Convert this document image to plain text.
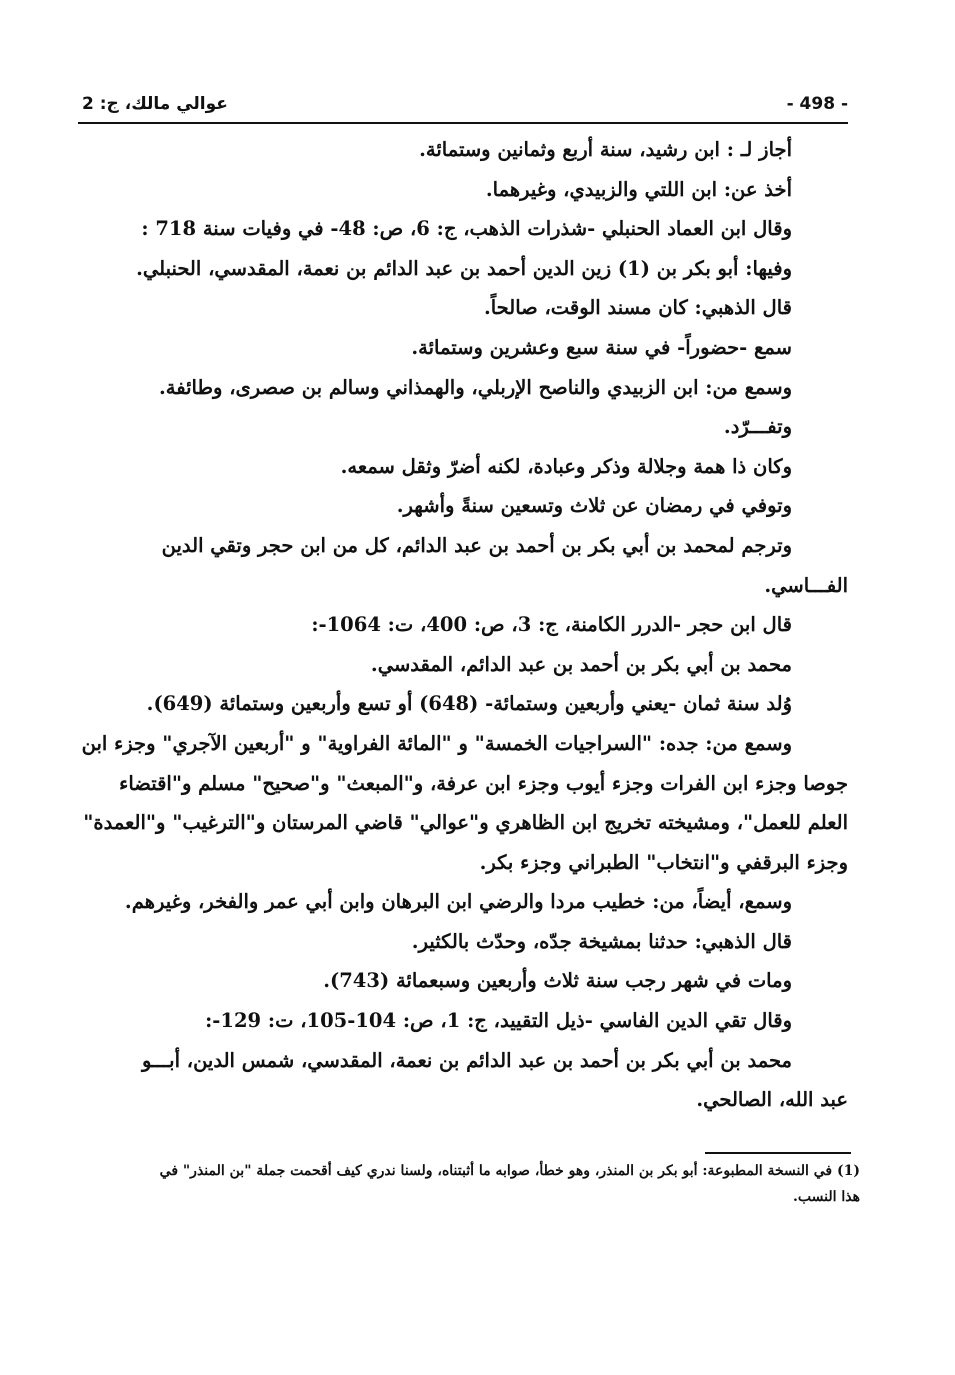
عوالي مالك، ج: 2	- 498 -

أجاز لـ : ابن رشيد، سنة أربع وثمانين وستمائة.

أخذ عن: ابن اللتي والزبيدي، وغيرهما.

وقال ابن العماد الحنبلي -شذرات الذهب، ج: 6، ص: 48- في وفيات سنة 718 :

وفيها: أبو بكر بن (1) زين الدين أحمد بن عبد الدائم بن نعمة، المقدسي، الحنبلي.

قال الذهبي: كان مسند الوقت، صالحاً.

سمع -حضوراً- في سنة سبع وعشرين وستمائة.

وسمع من: ابن الزبيدي والناصح الإربلي، والهمذاني وسالم بن صصرى، وطائفة.

وتفـــرّد.

وكان ذا همة وجلالة وذكر وعبادة، لكنه أضرّ وثقل سمعه.

وتوفي في رمضان عن ثلاث وتسعين سنةً وأشهر.

وترجم لمحمد بن أبي بكر بن أحمد بن عبد الدائم، كل من ابن حجر وتقي الدين

الفـــاسي.

قال ابن حجر -الدرر الكامنة، ج: 3، ص: 400، ت: 1064-:

محمد بن أبي بكر بن أحمد بن عبد الدائم، المقدسي.

وُلد سنة ثمان -يعني وأربعين وستمائة- (648) أو تسع وأربعين وستمائة (649).

وسمع من: جده: "السراجيات الخمسة" و "المائة الفراوية" و "أربعين الآجري" وجزء ابن

جوصا وجزء ابن الفرات وجزء أيوب وجزء ابن عرفة، و"المبعث" و"صحيح" مسلم و"اقتضاء

العلم للعمل"، ومشيخته تخريج ابن الظاهري و"عوالي" قاضي المرستان و"الترغيب" و"العمدة"

وجزء البرقفي و"انتخاب" الطبراني وجزء بكر.

وسمع، أيضاً، من: خطيب مردا والرضي ابن البرهان وابن أبي عمر والفخر، وغيرهم.

قال الذهبي: حدثنا بمشيخة جدّه، وحدّث بالكثير.

ومات في شهر رجب سنة ثلاث وأربعين وسبعمائة (743).

وقال تقي الدين الفاسي -ذيل التقييد، ج: 1، ص: 104-105، ت: 129-:

محمد بن أبي بكر بن أحمد بن عبد الدائم بن نعمة، المقدسي، شمس الدين، أبـــو

عبد الله، الصالحي.

(1) في النسخة المطبوعة: أبو بكر بن المنذر، وهو خطأ، صوابه ما أثبتناه، ولسنا ندري كيف أقحمت جملة "بن المنذر" في

هذا النسب.
